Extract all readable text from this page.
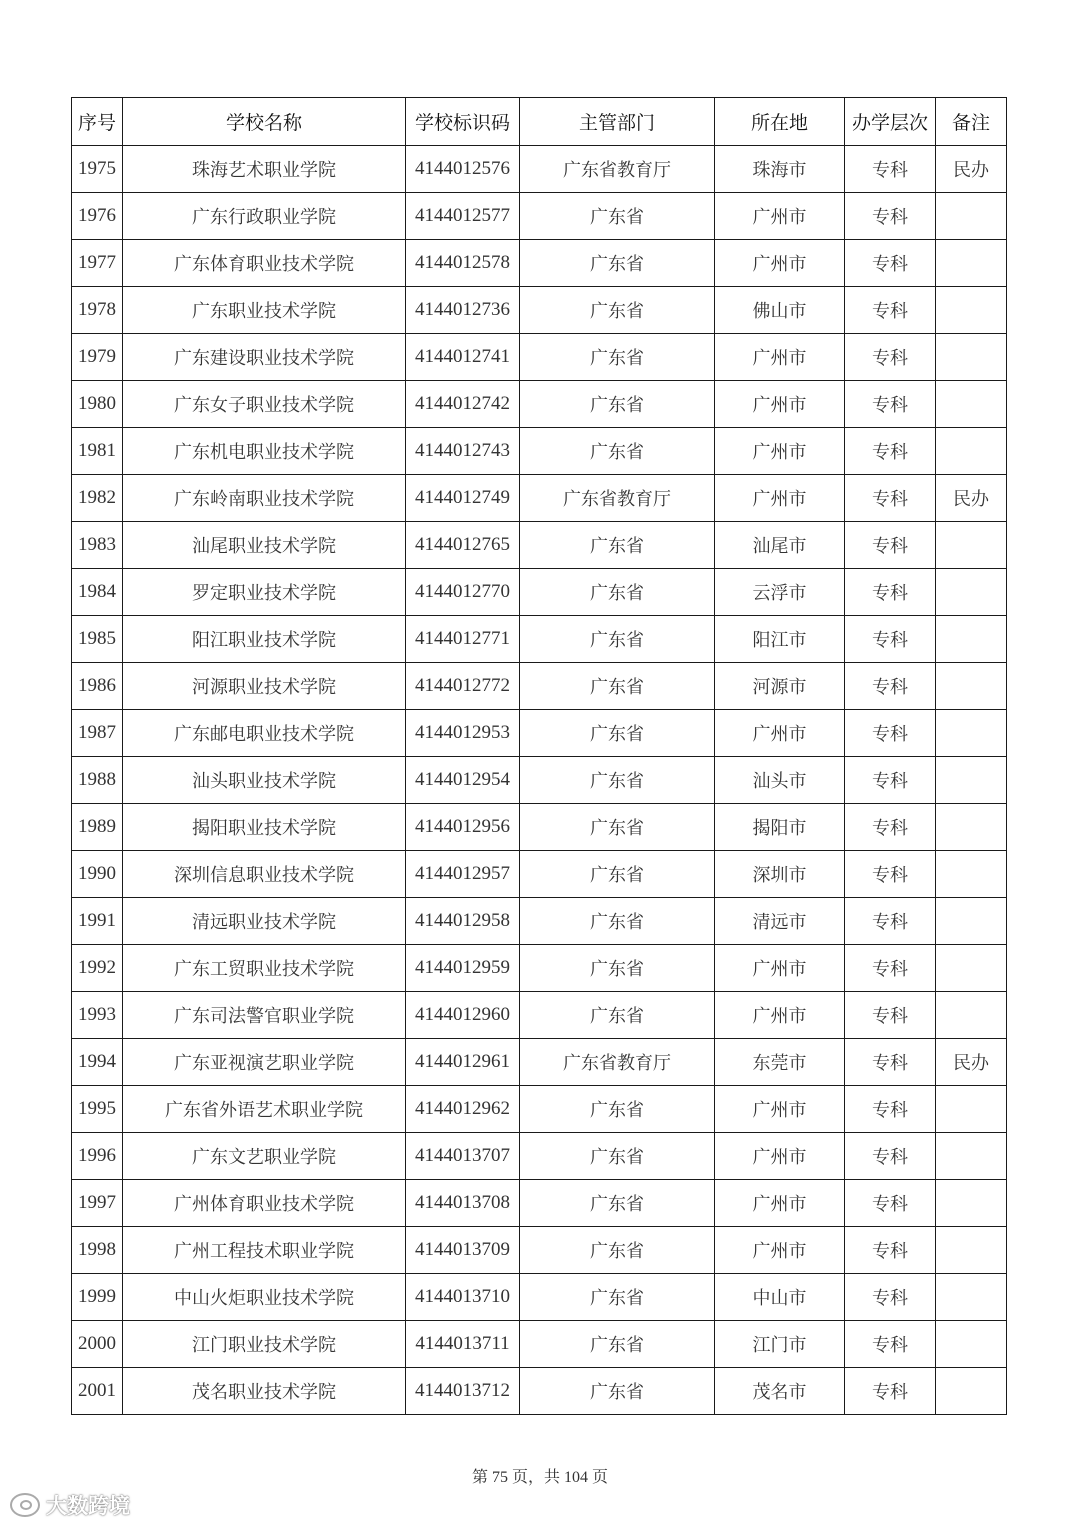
序号	学校名称	学校标识码	主管部门	所在地	办学层次	备注
1975	珠海艺术职业学院	4144012576	广东省教育厅	珠海市	专科	民办
1976	广东行政职业学院	4144012577	广东省	广州市	专科	
1977	广东体育职业技术学院	4144012578	广东省	广州市	专科	
1978	广东职业技术学院	4144012736	广东省	佛山市	专科	
1979	广东建设职业技术学院	4144012741	广东省	广州市	专科	
1980	广东女子职业技术学院	4144012742	广东省	广州市	专科	
1981	广东机电职业技术学院	4144012743	广东省	广州市	专科	
1982	广东岭南职业技术学院	4144012749	广东省教育厅	广州市	专科	民办
1983	汕尾职业技术学院	4144012765	广东省	汕尾市	专科	
1984	罗定职业技术学院	4144012770	广东省	云浮市	专科	
1985	阳江职业技术学院	4144012771	广东省	阳江市	专科	
1986	河源职业技术学院	4144012772	广东省	河源市	专科	
1987	广东邮电职业技术学院	4144012953	广东省	广州市	专科	
1988	汕头职业技术学院	4144012954	广东省	汕头市	专科	
1989	揭阳职业技术学院	4144012956	广东省	揭阳市	专科	
1990	深圳信息职业技术学院	4144012957	广东省	深圳市	专科	
1991	清远职业技术学院	4144012958	广东省	清远市	专科	
1992	广东工贸职业技术学院	4144012959	广东省	广州市	专科	
1993	广东司法警官职业学院	4144012960	广东省	广州市	专科	
1994	广东亚视演艺职业学院	4144012961	广东省教育厅	东莞市	专科	民办
1995	广东省外语艺术职业学院	4144012962	广东省	广州市	专科	
1996	广东文艺职业学院	4144013707	广东省	广州市	专科	
1997	广州体育职业技术学院	4144013708	广东省	广州市	专科	
1998	广州工程技术职业学院	4144013709	广东省	广州市	专科	
1999	中山火炬职业技术学院	4144013710	广东省	中山市	专科	
2000	江门职业技术学院	4144013711	广东省	江门市	专科	
2001	茂名职业技术学院	4144013712	广东省	茂名市	专科	
第 75 页，共 104 页
大数跨境
